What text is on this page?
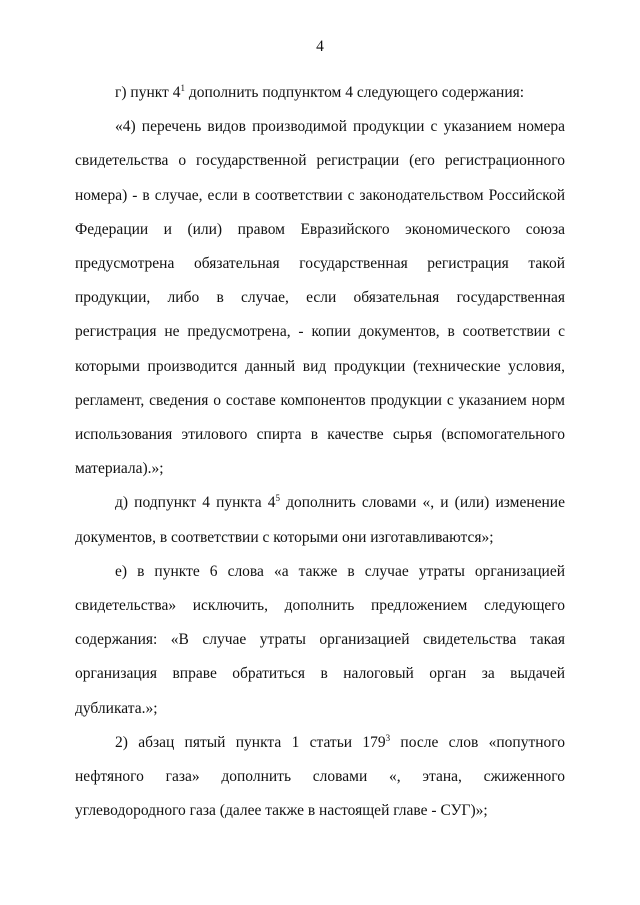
4

г) пункт $4^1$ дополнить подпунктом 4 следующего содержания:

«4) перечень видов производимой продукции с указанием номера свидетельства о государственной регистрации (его регистрационного номера) - в случае, если в соответствии с законодательством Российской Федерации и (или) правом Евразийского экономического союза предусмотрена обязательная государственная регистрация такой продукции, либо в случае, если обязательная государственная регистрация не предусмотрена, - копии документов, в соответствии с которыми производится данный вид продукции (технические условия, регламент, сведения о составе компонентов продукции с указанием норм использования этилового спирта в качестве сырья (вспомогательного материала).»;

д) подпункт 4 пункта $4^5$ дополнить словами «, и (или) изменение документов, в соответствии с которыми они изготавливаются»;

е) в пункте 6 слова «а также в случае утраты организацией свидетельства» исключить, дополнить предложением следующего содержания: «В случае утраты организацией свидетельства такая организация вправе обратиться в налоговый орган за выдачей дубликата.»;

2) абзац пятый пункта 1 статьи $179^3$ после слов «попутного нефтяного газа» дополнить словами «, этана, сжиженного углеводородного газа (далее также в настоящей главе - СУГ)»;
